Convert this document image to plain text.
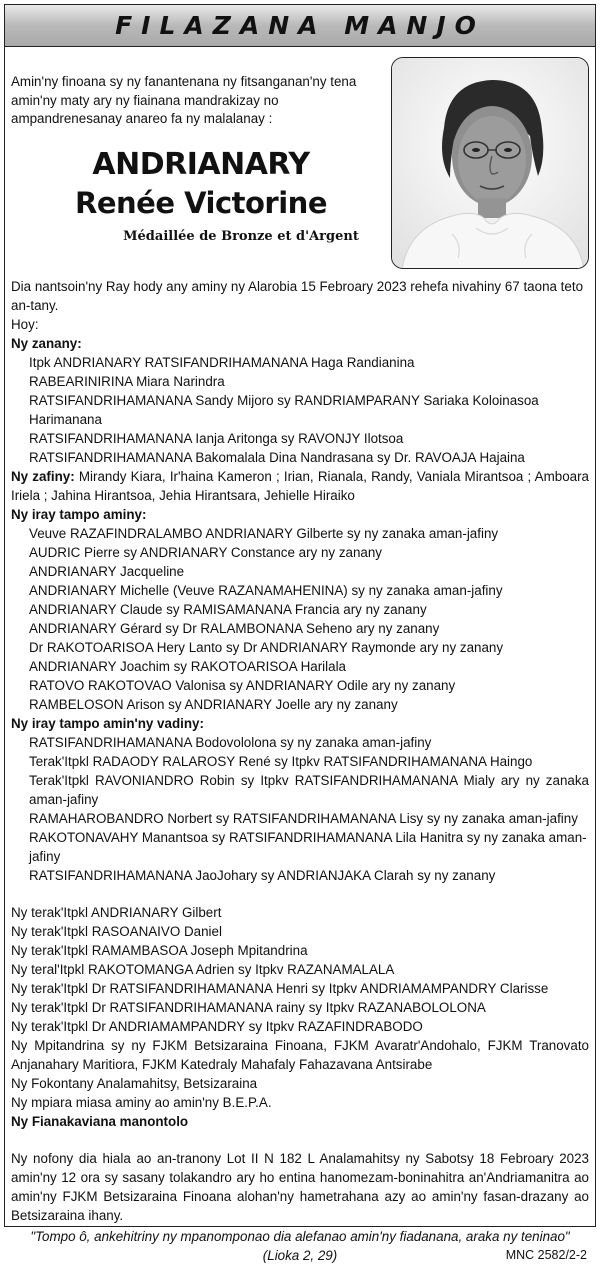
FILAZANA MANJO
Amin'ny finoana sy ny fanantenana ny fitsanganan'ny tena amin'ny maty ary ny fiainana mandrakizay no ampandrenesanay anareo fa ny malalanay :
ANDRIANARY
Renée Victorine
Médaillée de Bronze et d'Argent
Dia nantsoin'ny Ray hody any aminy ny Alarobia 15 Febroary 2023 rehefa nivahiny 67 taona teto an-tany.
Hoy:
Ny zanany:
Itpk ANDRIANARY RATSIFANDRIHAMANANA Haga Randianina
RABEARINIRINA Miara Narindra
RATSIFANDRIHAMANANA Sandy Mijoro sy RANDRIAMPARANY Sariaka Koloinasoa Harimanana
RATSIFANDRIHAMANANA Ianja Aritonga sy RAVONJY Ilotsoa
RATSIFANDRIHAMANANA Bakomalala Dina Nandrasana sy Dr. RAVOAJA Hajaina
Ny zafiny: Mirandy Kiara, Ir'haina Kameron ; Irian, Rianala, Randy, Vaniala Mirantsoa ; Amboara Iriela ; Jahina Hirantsoa, Jehia Hirantsara, Jehielle Hiraiko
Ny iray tampo aminy:
Veuve RAZAFINDRALAMBO ANDRIANARY Gilberte sy ny zanaka aman-jafiny
AUDRIC Pierre sy ANDRIANARY Constance ary ny zanany
ANDRIANARY Jacqueline
ANDRIANARY Michelle (Veuve RAZANAMAHENINA) sy ny zanaka aman-jafiny
ANDRIANARY Claude sy RAMISAMANANA Francia ary ny zanany
ANDRIANARY Gérard sy Dr RALAMBONANA Seheno ary ny zanany
Dr RAKOTOARISOA Hery Lanto sy Dr ANDRIANARY Raymonde ary ny zanany
ANDRIANARY Joachim sy RAKOTOARISOA Harilala
RATOVO RAKOTOVAO Valonisa sy ANDRIANARY Odile ary ny zanany
RAMBELOSON Arison sy ANDRIANARY Joelle ary ny zanany
Ny iray tampo amin'ny vadiny:
RATSIFANDRIHAMANANA Bodovololona sy ny zanaka aman-jafiny
Terak'Itpkl RADAODY RALAROSY René sy Itpkv RATSIFANDRIHAMANANA Haingo
Terak'Itpkl RAVONIANDRO Robin sy Itpkv RATSIFANDRIHAMANANA Mialy ary ny zanaka aman-jafiny
RAMAHAROBANDRO Norbert sy RATSIFANDRIHAMANANA Lisy sy ny zanaka aman-jafiny
RAKOTONAVAHY Manantsoa sy RATSIFANDRIHAMANANA Lila Hanitra sy ny zanaka aman-jafiny
RATSIFANDRIHAMANANA JaoJohary sy ANDRIANJAKA Clarah sy ny zanany
Ny terak'Itpkl ANDRIANARY Gilbert
Ny terak'Itpkl RASOANAIVO Daniel
Ny terak'Itpkl RAMAMBASOA Joseph Mpitandrina
Ny teral'Itpkl RAKOTOMANGA Adrien sy Itpkv RAZANAMALALA
Ny terak'Itpkl Dr RATSIFANDRIHAMANANA Henri sy Itpkv ANDRIAMAMPANDRY Clarisse
Ny terak'Itpkl Dr RATSIFANDRIHAMANANA rainy sy Itpkv RAZANABOLOLONA
Ny terak'Itpkl Dr ANDRIAMAMPANDRY sy Itpkv RAZAFINDRABODO
Ny Mpitandrina sy ny FJKM Betsizaraina Finoana, FJKM Avaratr'Andohalo, FJKM Tranovato Anjanahary Maritiora, FJKM Katedraly Mahafaly Fahazavana Antsirabe
Ny Fokontany Analamahitsy, Betsizaraina
Ny mpiara miasa aminy ao amin'ny B.E.P.A.
Ny Fianakaviana manontolo
Ny nofony dia hiala ao an-tranony Lot II N 182 L Analamahitsy ny Sabotsy 18 Febroary 2023 amin'ny 12 ora sy sasany tolakandro ary ho entina hanomezam-boninahitra an'Andriamanitra ao amin'ny FJKM Betsizaraina Finoana alohan'ny hametrahana azy ao amin'ny fasan-drazany ao Betsizaraina ihany.
"Tompo ô, ankehitriny ny mpanomponao dia alefanao amin'ny fiadanana, araka ny teninao"
(Lioka 2, 29)	MNC 2582/2-2
